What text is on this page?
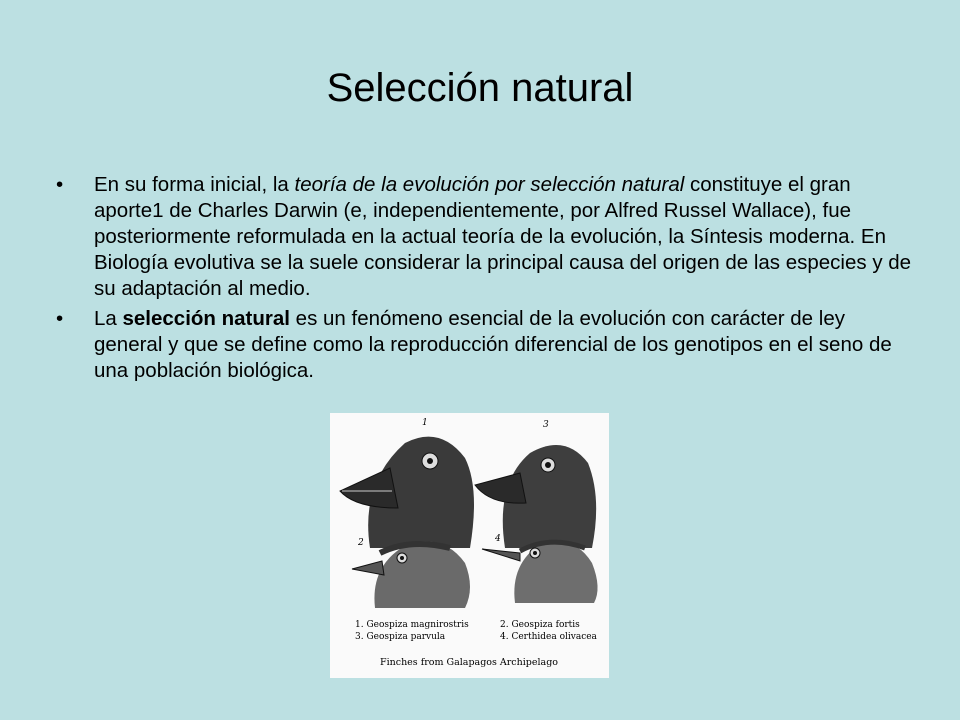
Selección natural
• En su forma inicial, la teoría de la evolución por selección natural constituye el gran aporte1 de Charles Darwin (e, independientemente, por Alfred Russel Wallace), fue posteriormente reformulada en la actual teoría de la evolución, la Síntesis moderna. En Biología evolutiva se la suele considerar la principal causa del origen de las especies y de su adaptación al medio.
• La selección natural es un fenómeno esencial de la evolución con carácter de ley general y que se define como la reproducción diferencial de los genotipos en el seno de una población biológica.
1	3
2	4
1. Geospiza magnirostris
3. Geospiza parvula
2. Geospiza fortis
4. Certhidea olivacea
Finches from Galapagos Archipelago
